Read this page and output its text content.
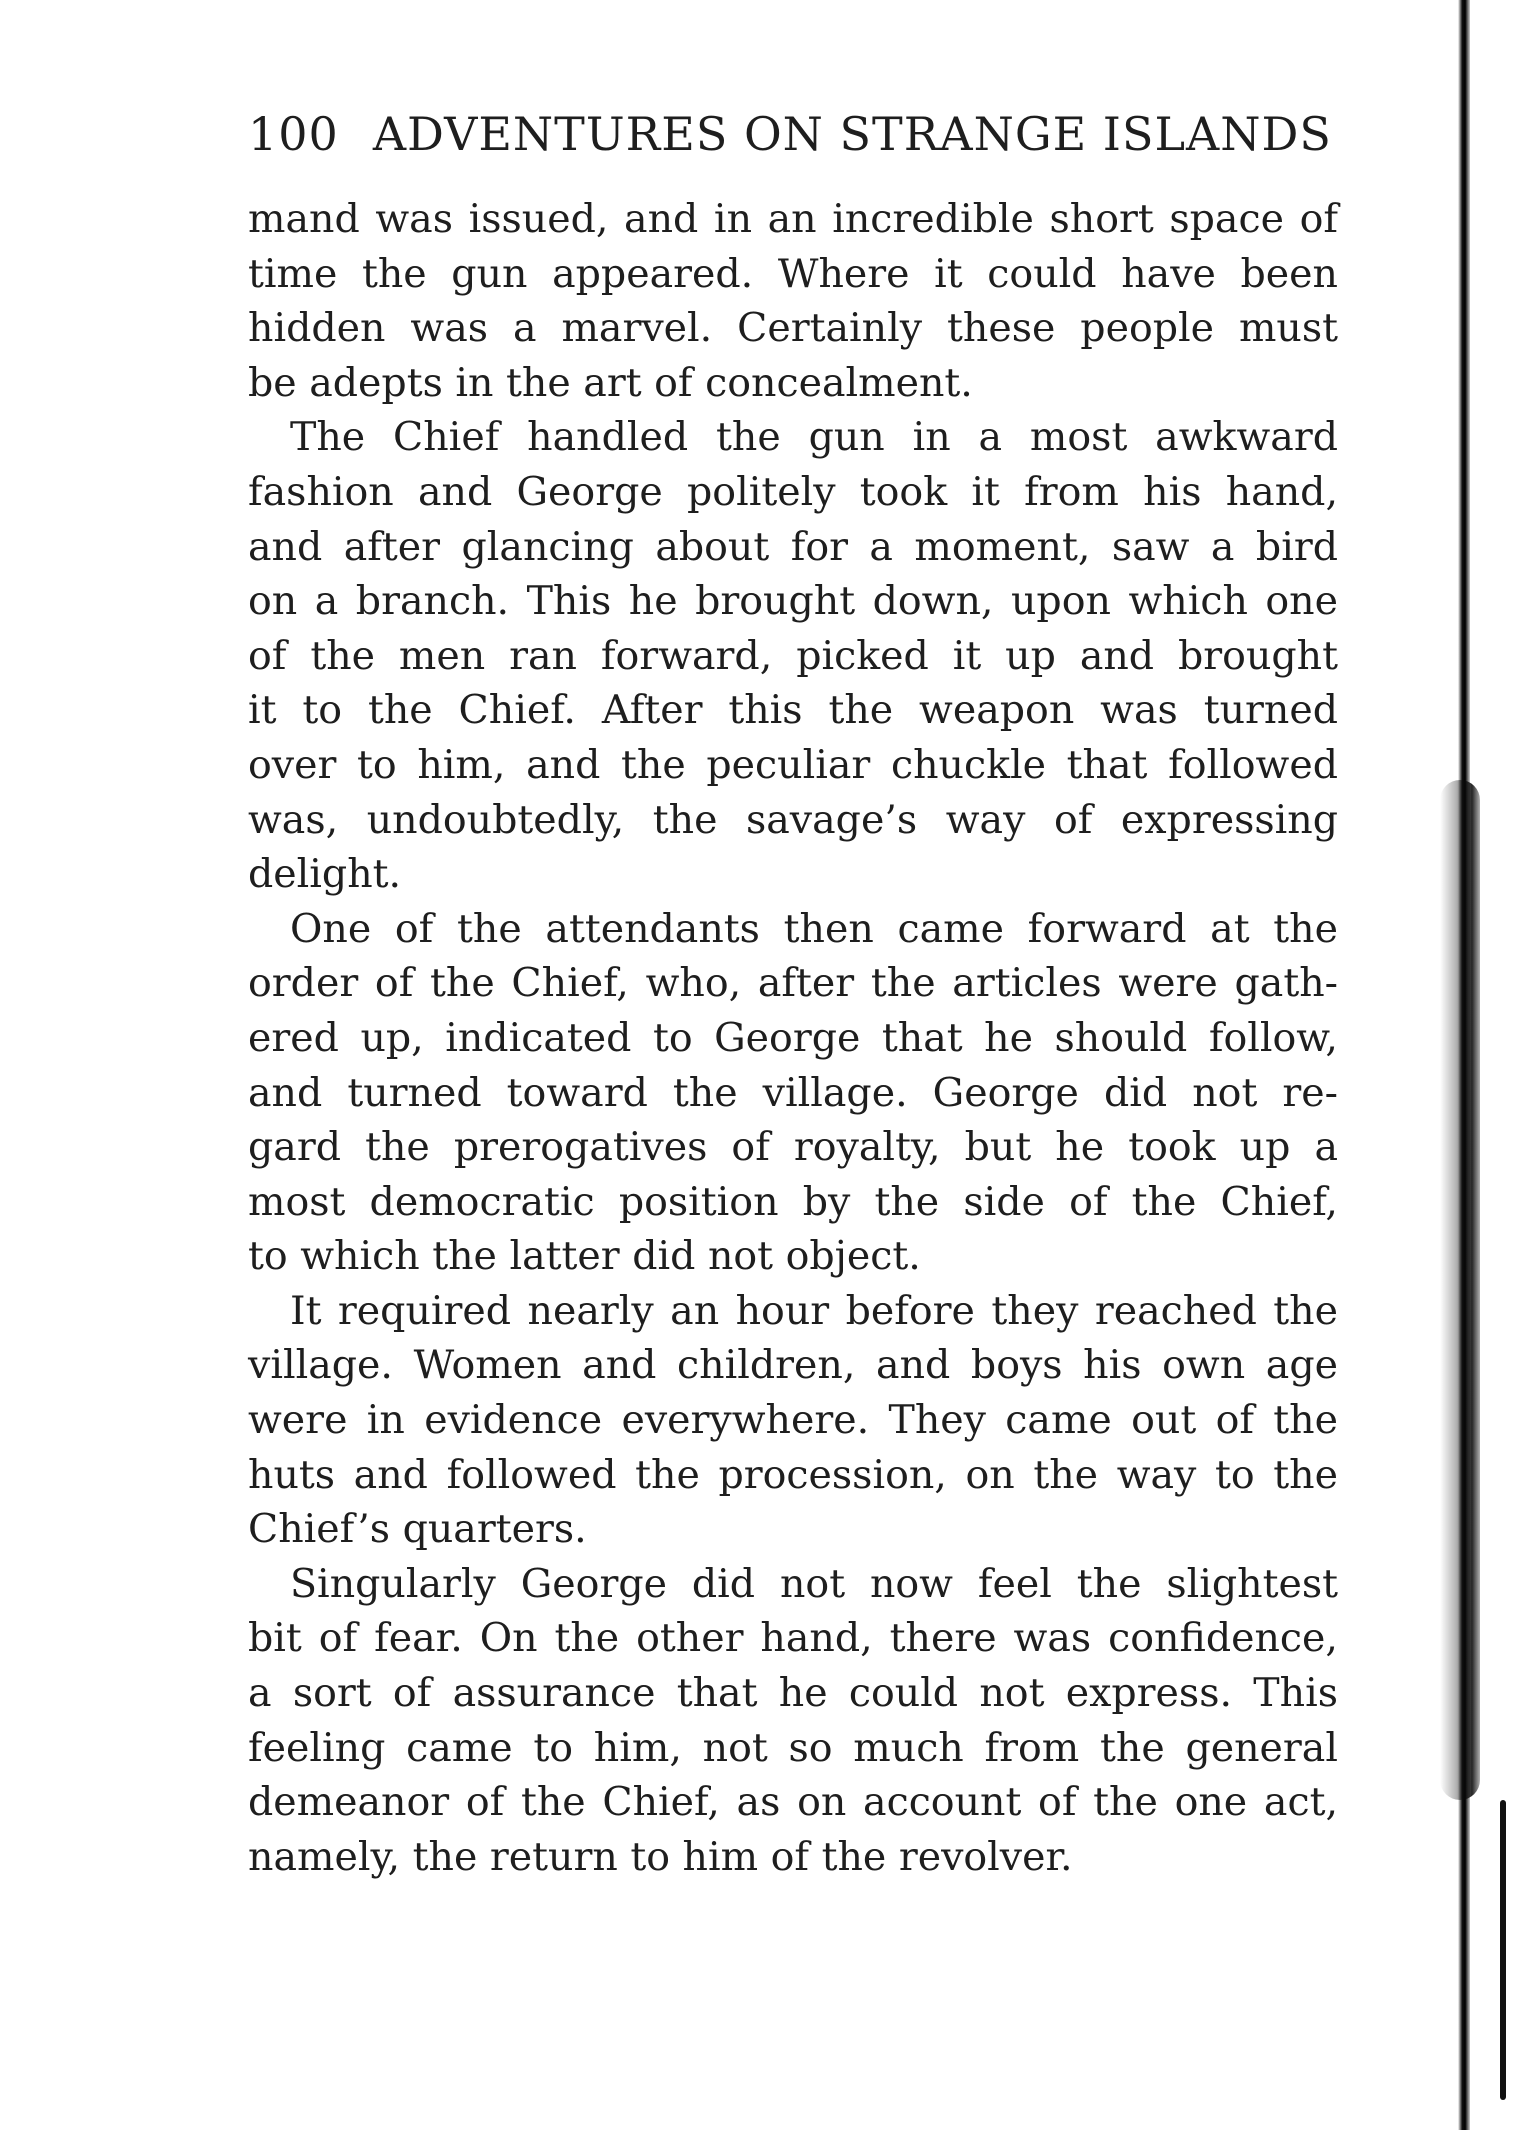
100 ADVENTURES ON STRANGE ISLANDS
mand was issued, and in an incredible short space of
time the gun appeared. Where it could have been
hidden was a marvel. Certainly these people must
be adepts in the art of concealment.
The Chief handled the gun in a most awkward
fashion and George politely took it from his hand,
and after glancing about for a moment, saw a bird
on a branch. This he brought down, upon which one
of the men ran forward, picked it up and brought
it to the Chief. After this the weapon was turned
over to him, and the peculiar chuckle that followed
was, undoubtedly, the savage’s way of expressing
delight.
One of the attendants then came forward at the
order of the Chief, who, after the articles were gath-
ered up, indicated to George that he should follow,
and turned toward the village. George did not re-
gard the prerogatives of royalty, but he took up a
most democratic position by the side of the Chief,
to which the latter did not object.
It required nearly an hour before they reached the
village. Women and children, and boys his own age
were in evidence everywhere. They came out of the
huts and followed the procession, on the way to the
Chief’s quarters.
Singularly George did not now feel the slightest
bit of fear. On the other hand, there was confidence,
a sort of assurance that he could not express. This
feeling came to him, not so much from the general
demeanor of the Chief, as on account of the one act,
namely, the return to him of the revolver.
